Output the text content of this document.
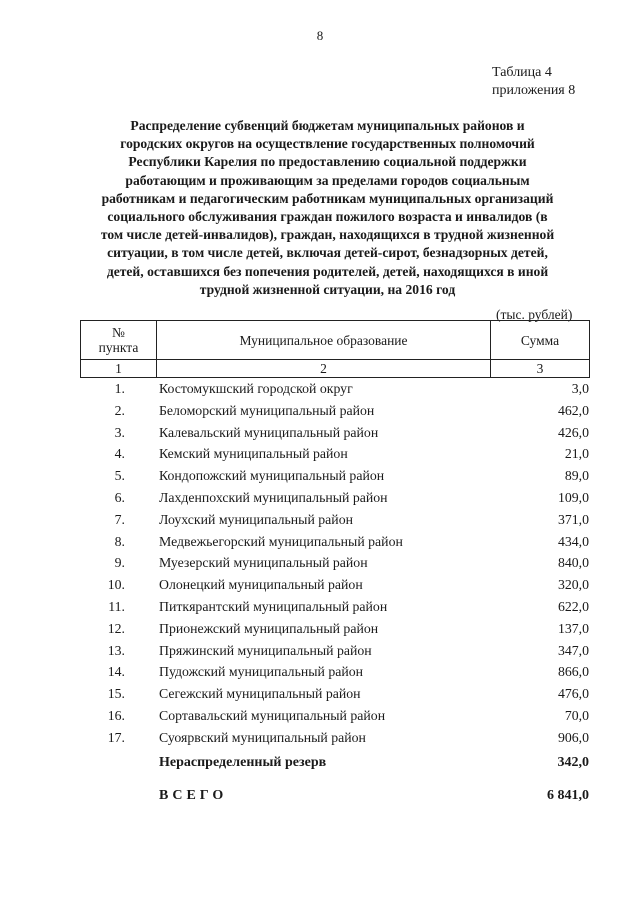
8
Таблица 4
приложения 8
Распределение субвенций бюджетам муниципальных районов и городских округов на осуществление государственных полномочий Республики Карелия по предоставлению социальной поддержки работающим и проживающим за пределами городов социальным работникам и педагогическим работникам муниципальных организаций социального обслуживания граждан пожилого возраста и инвалидов (в том числе детей-инвалидов), граждан, находящихся в трудной жизненной ситуации, в том числе детей, включая детей-сирот, безнадзорных детей, детей, оставшихся без попечения родителей, детей, находящихся в иной трудной жизненной ситуации, на 2016 год
(тыс. рублей)
№
пункта	Муниципальное образование	Сумма
1	2	3
1. Костомукшский городской округ	3,0
2. Беломорский муниципальный район	462,0
3. Калевальский муниципальный район	426,0
4. Кемский муниципальный район	21,0
5. Кондопожский муниципальный район	89,0
6. Лахденпохский муниципальный район	109,0
7. Лоухский муниципальный район	371,0
8. Медвежьегорский муниципальный район	434,0
9. Муезерский муниципальный район	840,0
10. Олонецкий муниципальный район	320,0
11. Питкярантский муниципальный район	622,0
12. Прионежский муниципальный район	137,0
13. Пряжинский муниципальный район	347,0
14. Пудожский муниципальный район	866,0
15. Сегежский муниципальный район	476,0
16. Сортавальский муниципальный район	70,0
17. Суоярвский муниципальный район	906,0
Нераспределенный резерв	342,0
ВСЕГО	6 841,0
